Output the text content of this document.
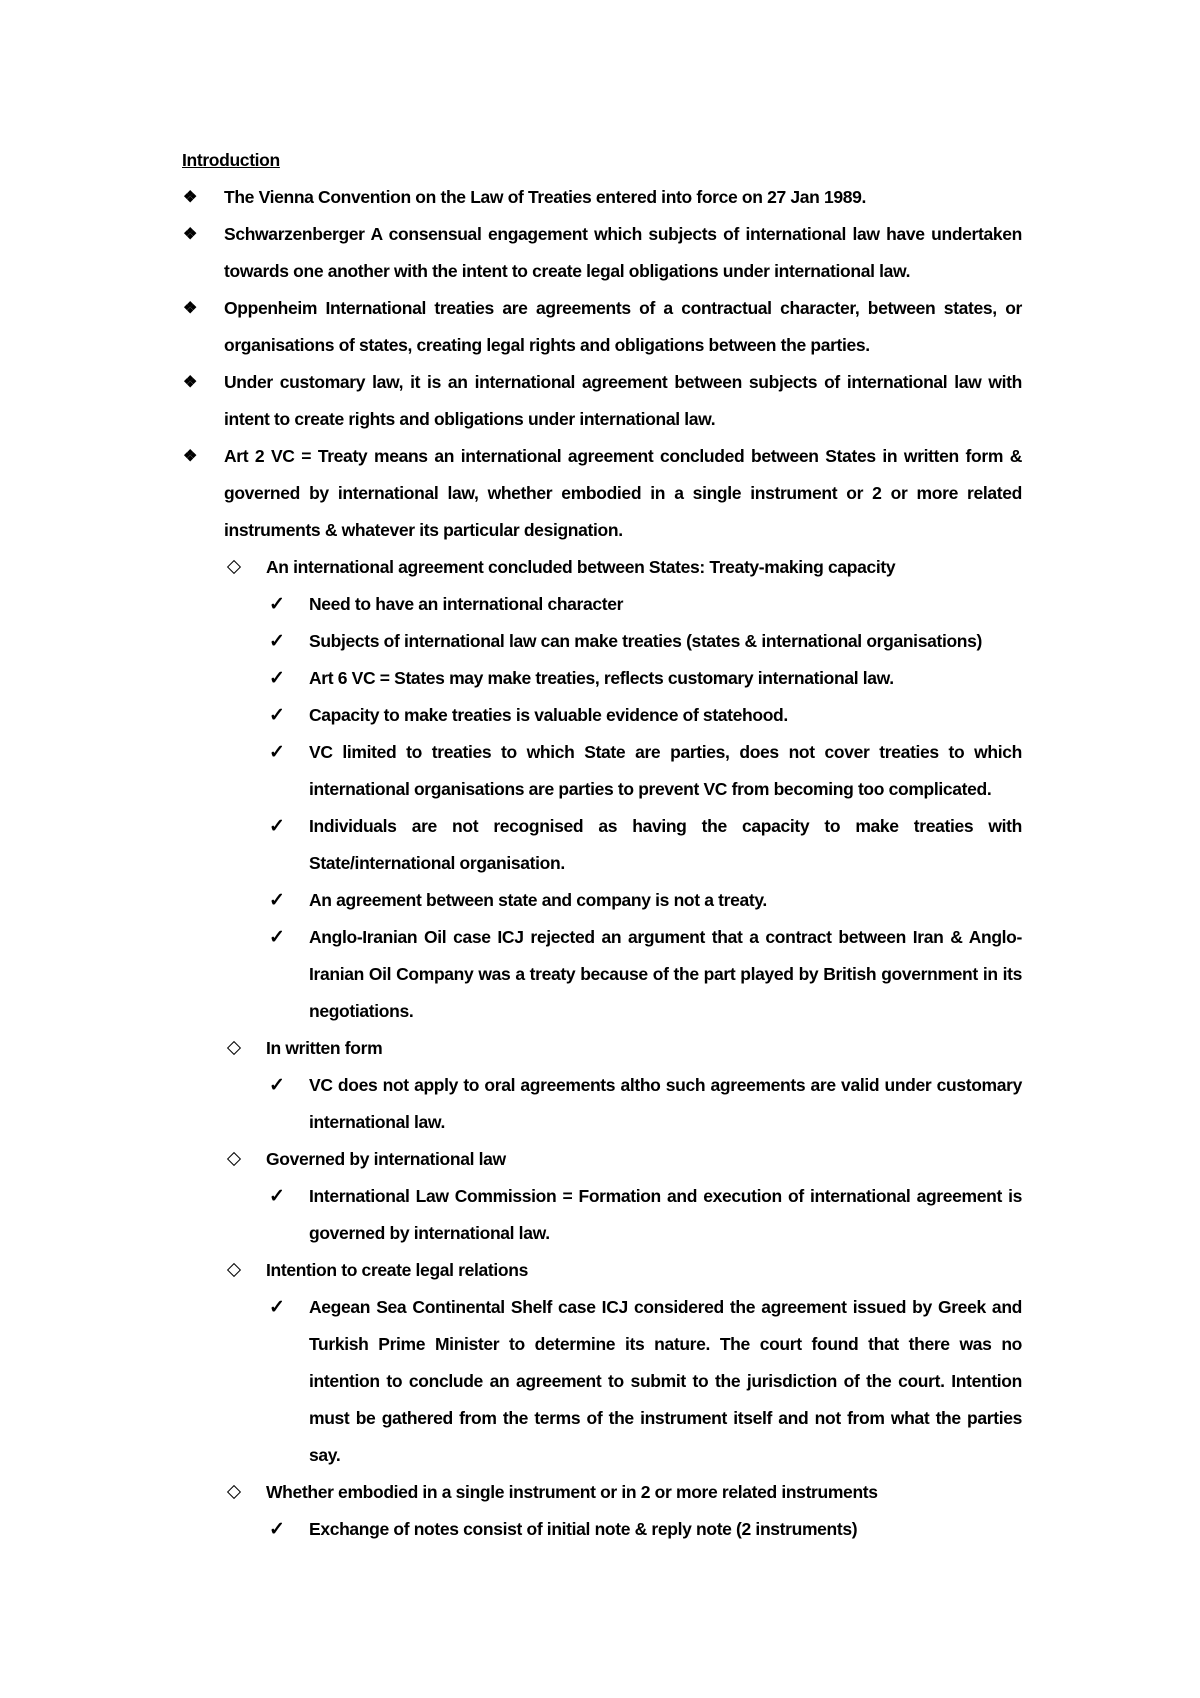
Introduction
❖ The Vienna Convention on the Law of Treaties entered into force on 27 Jan 1989.
❖ Schwarzenberger A consensual engagement which subjects of international law have undertaken towards one another with the intent to create legal obligations under international law.
❖ Oppenheim International treaties are agreements of a contractual character, between states, or organisations of states, creating legal rights and obligations between the parties.
❖ Under customary law, it is an international agreement between subjects of international law with intent to create rights and obligations under international law.
❖ Art 2 VC = Treaty means an international agreement concluded between States in written form & governed by international law, whether embodied in a single instrument or 2 or more related instruments & whatever its particular designation.
An international agreement concluded between States: Treaty-making capacity
✓ Need to have an international character
✓ Subjects of international law can make treaties (states & international organisations)
✓ Art 6 VC = States may make treaties, reflects customary international law.
✓ Capacity to make treaties is valuable evidence of statehood.
✓ VC limited to treaties to which State are parties, does not cover treaties to which international organisations are parties to prevent VC from becoming too complicated.
✓ Individuals are not recognised as having the capacity to make treaties with State/international organisation.
✓ An agreement between state and company is not a treaty.
✓ Anglo-Iranian Oil case ICJ rejected an argument that a contract between Iran & Anglo-Iranian Oil Company was a treaty because of the part played by British government in its negotiations.
In written form
✓ VC does not apply to oral agreements altho such agreements are valid under customary international law.
Governed by international law
✓ International Law Commission = Formation and execution of international agreement is governed by international law.
Intention to create legal relations
✓ Aegean Sea Continental Shelf case ICJ considered the agreement issued by Greek and Turkish Prime Minister to determine its nature. The court found that there was no intention to conclude an agreement to submit to the jurisdiction of the court. Intention must be gathered from the terms of the instrument itself and not from what the parties say.
Whether embodied in a single instrument or in 2 or more related instruments
✓ Exchange of notes consist of initial note & reply note (2 instruments)
